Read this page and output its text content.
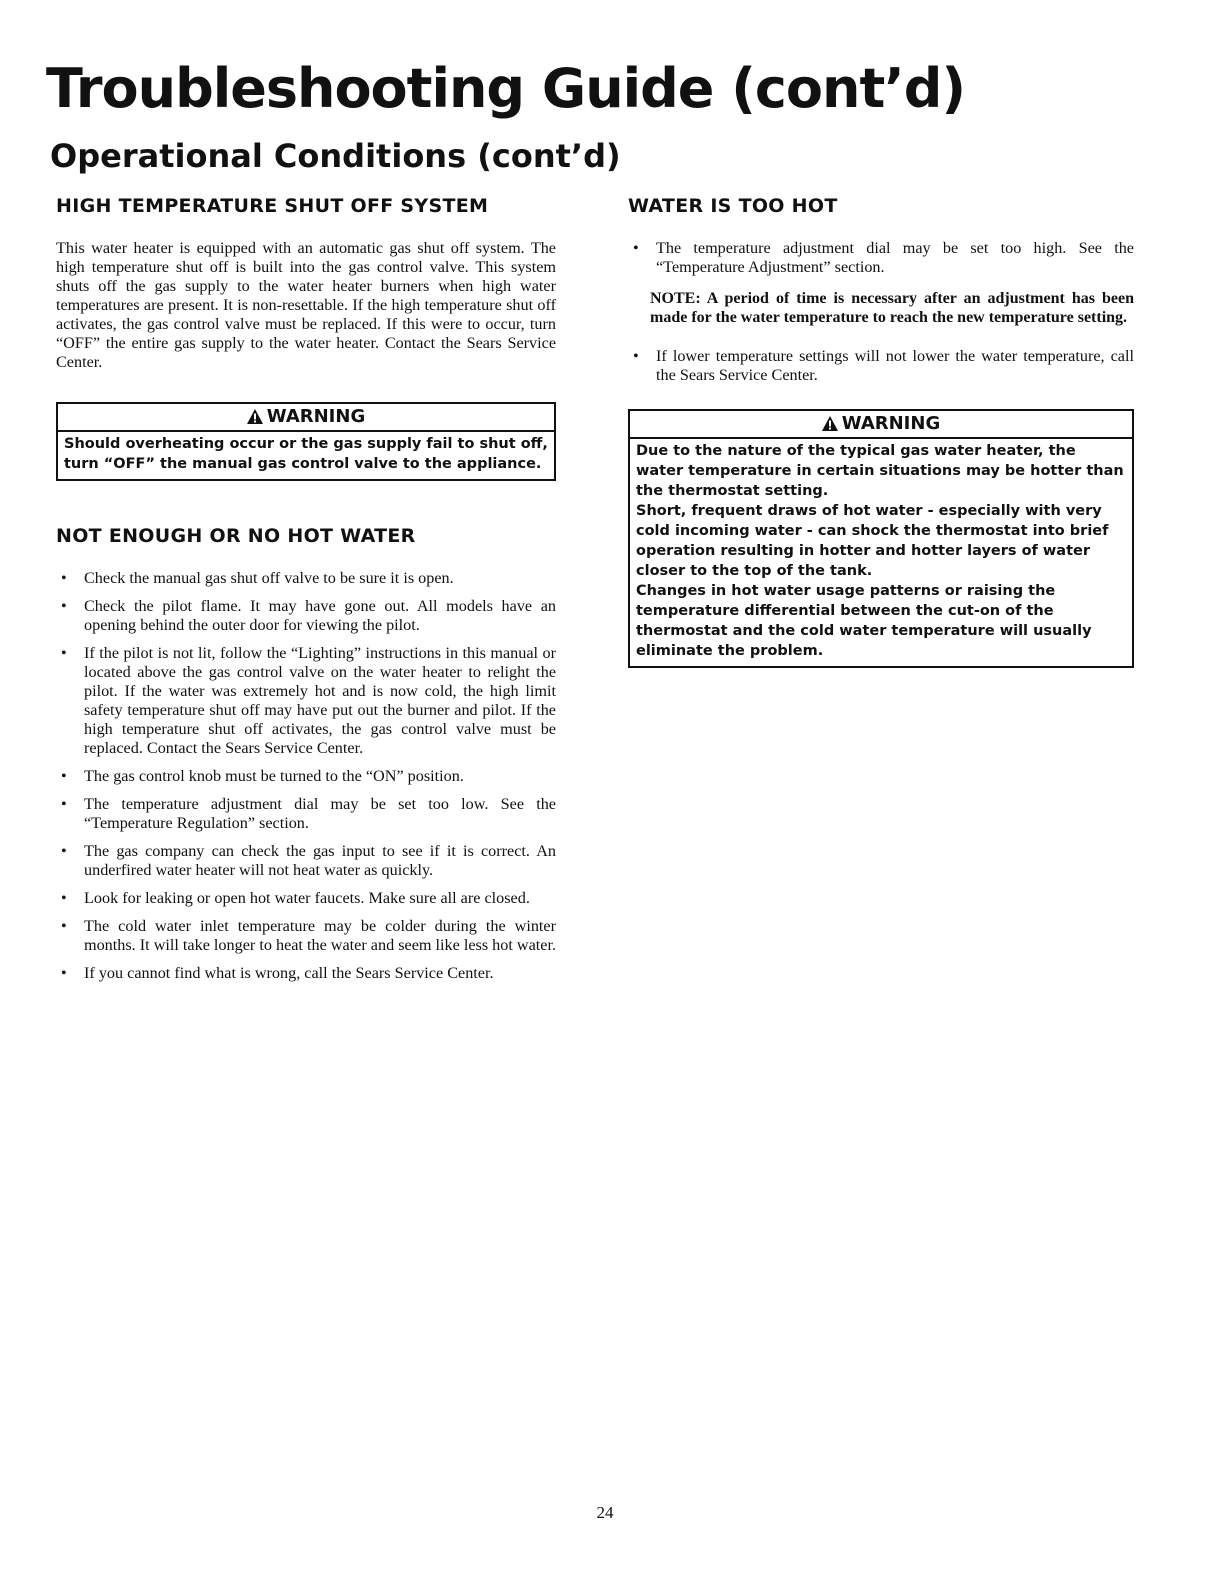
Troubleshooting Guide (cont’d)
Operational Conditions (cont’d)
HIGH TEMPERATURE SHUT OFF SYSTEM

This water heater is equipped with an automatic gas shut off system. The high temperature shut off is built into the gas control valve. This system shuts off the gas supply to the water heater burners when high water temperatures are present. It is non-resettable. If the high temperature shut off activates, the gas control valve must be replaced. If this were to occur, turn “OFF” the entire gas supply to the water heater. Contact the Sears Service Center.

WARNING
Should overheating occur or the gas supply fail to shut off, turn “OFF” the manual gas control valve to the appliance.
NOT ENOUGH OR NO HOT WATER
• Check the manual gas shut off valve to be sure it is open.
• Check the pilot flame. It may have gone out. All models have an opening behind the outer door for viewing the pilot.
• If the pilot is not lit, follow the “Lighting” instructions in this manual or located above the gas control valve on the water heater to relight the pilot. If the water was extremely hot and is now cold, the high limit safety temperature shut off may have put out the burner and pilot. If the high temperature shut off activates, the gas control valve must be replaced. Contact the Sears Service Center.
• The gas control knob must be turned to the “ON” position.
• The temperature adjustment dial may be set too low. See the “Temperature Regulation” section.
• The gas company can check the gas input to see if it is correct. An underfired water heater will not heat water as quickly.
• Look for leaking or open hot water faucets. Make sure all are closed.
• The cold water inlet temperature may be colder during the winter months. It will take longer to heat the water and seem like less hot water.
• If you cannot find what is wrong, call the Sears Service Center.
WATER IS TOO HOT
• The temperature adjustment dial may be set too high. See the “Temperature Adjustment” section.

NOTE: A period of time is necessary after an adjustment has been made for the water temperature to reach the new temperature setting.

• If lower temperature settings will not lower the water temperature, call the Sears Service Center.
WARNING

Due to the nature of the typical gas water heater, the water temperature in certain situations may be hotter than the thermostat setting.

Short, frequent draws of hot water - especially with very cold incoming water - can shock the thermostat into brief operation resulting in hotter and hotter layers of water closer to the top of the tank.

Changes in hot water usage patterns or raising the temperature differential between the cut-on of the thermostat and the cold water temperature will usually eliminate the problem.

24
